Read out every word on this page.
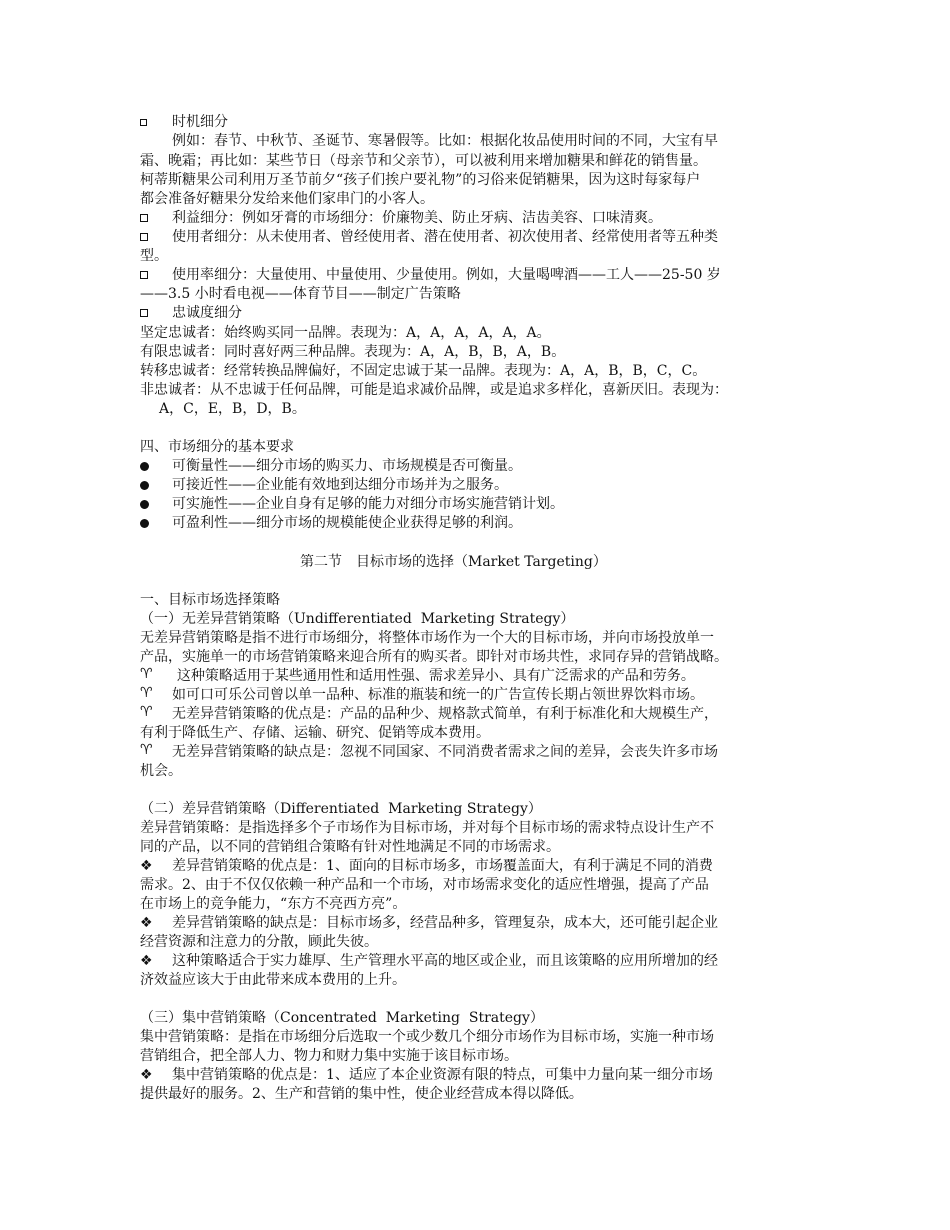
时机细分
例如：春节、中秋节、圣诞节、寒暑假等。比如：根据化妆品使用时间的不同，大宝有早
霜、晚霜；再比如：某些节日（母亲节和父亲节），可以被利用来增加糖果和鲜花的销售量。
柯蒂斯糖果公司利用万圣节前夕“孩子们挨户要礼物”的习俗来促销糖果，因为这时每家每户
都会准备好糖果分发给来他们家串门的小客人。
利益细分：例如牙膏的市场细分：价廉物美、防止牙病、洁齿美容、口味清爽。
使用者细分：从未使用者、曾经使用者、潜在使用者、初次使用者、经常使用者等五种类
型。
使用率细分：大量使用、中量使用、少量使用。例如，大量喝啤酒——工人——25-50 岁
——3.5 小时看电视——体育节目——制定广告策略
忠诚度细分
坚定忠诚者：始终购买同一品牌。表现为：A，A，A，A，A，A。
有限忠诚者：同时喜好两三种品牌。表现为：A，A，B，B，A，B。
转移忠诚者：经常转换品牌偏好，不固定忠诚于某一品牌。表现为：A，A，B，B，C，C。
非忠诚者：从不忠诚于任何品牌，可能是追求减价品牌，或是追求多样化，喜新厌旧。表现为：
A，C，E，B，D，B。
四、市场细分的基本要求
可衡量性——细分市场的购买力、市场规模是否可衡量。
可接近性——企业能有效地到达细分市场并为之服务。
可实施性——企业自身有足够的能力对细分市场实施营销计划。
可盈利性——细分市场的规模能使企业获得足够的利润。
第二节　目标市场的选择（Market Targeting）
一、目标市场选择策略
（一）无差异营销策略（Undifferentiated  Marketing Strategy）
无差异营销策略是指不进行市场细分，将整体市场作为一个大的目标市场，并向市场投放单一
产品，实施单一的市场营销策略来迎合所有的购买者。即针对市场共性，求同存异的营销战略。
♈ 这种策略适用于某些通用性和适用性强、需求差异小、具有广泛需求的产品和劳务。
♈ 如可口可乐公司曾以单一品种、标准的瓶装和统一的广告宣传长期占领世界饮料市场。
♈ 无差异营销策略的优点是：产品的品种少、规格款式简单，有利于标准化和大规模生产，
有利于降低生产、存储、运输、研究、促销等成本费用。
♈ 无差异营销策略的缺点是：忽视不同国家、不同消费者需求之间的差异，会丧失许多市场
机会。
（二）差异营销策略（Differentiated  Marketing Strategy）
差异营销策略：是指选择多个子市场作为目标市场，并对每个目标市场的需求特点设计生产不
同的产品，以不同的营销组合策略有针对性地满足不同的市场需求。
❖ 差异营销策略的优点是：1、面向的目标市场多，市场覆盖面大，有利于满足不同的消费
需求。2、由于不仅仅依赖一种产品和一个市场，对市场需求变化的适应性增强，提高了产品
在市场上的竞争能力，“东方不亮西方亮”。
❖ 差异营销策略的缺点是：目标市场多，经营品种多，管理复杂，成本大，还可能引起企业
经营资源和注意力的分散，顾此失彼。
❖ 这种策略适合于实力雄厚、生产管理水平高的地区或企业，而且该策略的应用所增加的经
济效益应该大于由此带来成本费用的上升。
（三）集中营销策略（Concentrated  Marketing  Strategy）
集中营销策略：是指在市场细分后选取一个或少数几个细分市场作为目标市场，实施一种市场
营销组合，把全部人力、物力和财力集中实施于该目标市场。
❖ 集中营销策略的优点是：1、适应了本企业资源有限的特点，可集中力量向某一细分市场
提供最好的服务。2、生产和营销的集中性，使企业经营成本得以降低。
